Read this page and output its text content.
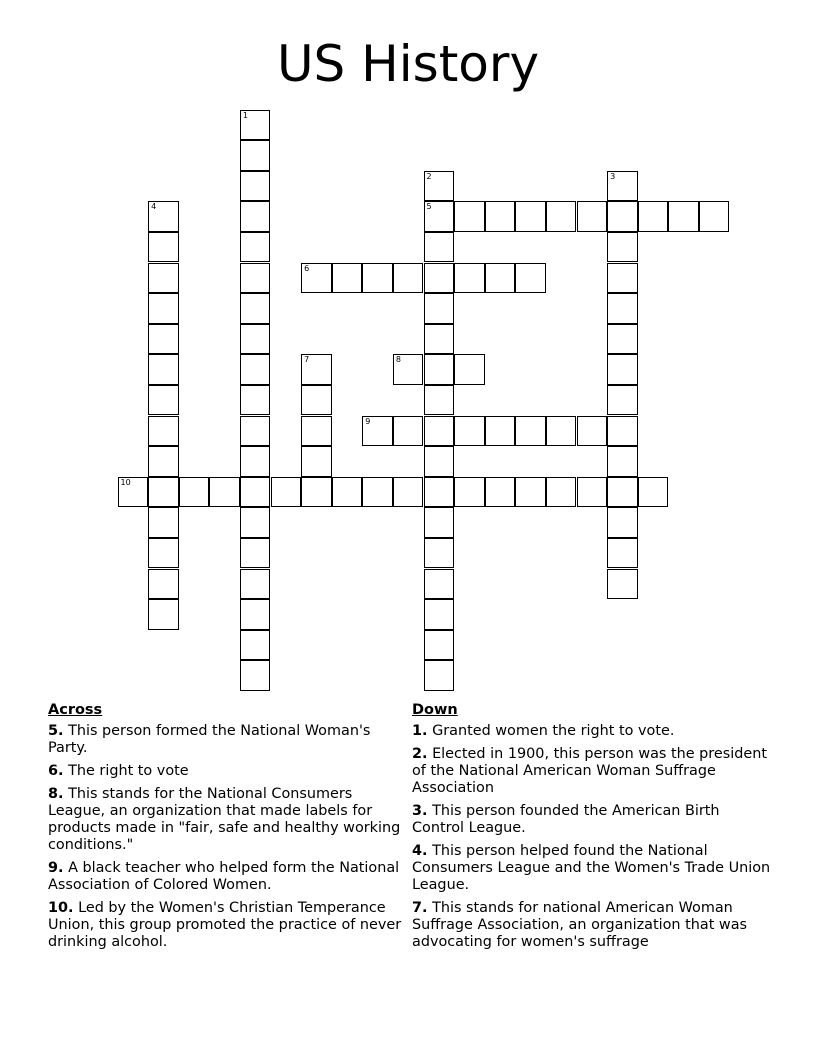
US History
1
2
5
3
4
6
7	8
9
10
Across
5. This person formed the National Woman's Party.
6. The right to vote
8. This stands for the National Consumers League, an organization that made labels for products made in "fair, safe and healthy working conditions."
9. A black teacher who helped form the National Association of Colored Women.
10. Led by the Women's Christian Temperance Union, this group promoted the practice of never drinking alcohol.
Down
1. Granted women the right to vote.
2. Elected in 1900, this person was the president of the National American Woman Suffrage Association
3. This person founded the American Birth Control League.
4. This person helped found the National Consumers League and the Women's Trade Union League.
7. This stands for national American Woman Suffrage Association, an organization that was advocating for women's suffrage
